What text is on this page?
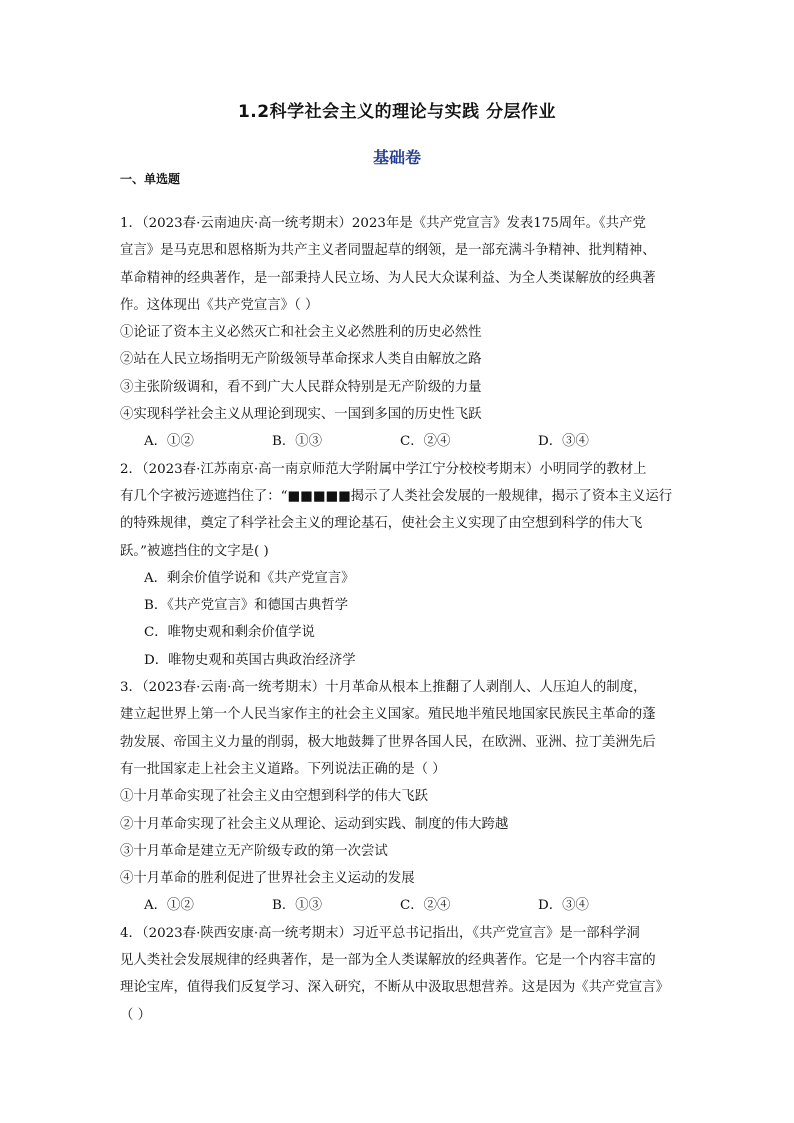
1.2科学社会主义的理论与实践 分层作业
基础卷
一、单选题
1．（2023春·云南迪庆·高一统考期末）2023年是《共产党宣言》发表175周年。《共产党
宣言》是马克思和恩格斯为共产主义者同盟起草的纲领，是一部充满斗争精神、批判精神、
革命精神的经典著作，是一部秉持人民立场、为人民大众谋利益、为全人类谋解放的经典著
作。这体现出《共产党宣言》（ ）
①论证了资本主义必然灭亡和社会主义必然胜利的历史必然性
②站在人民立场指明无产阶级领导革命探求人类自由解放之路
③主张阶级调和，看不到广大人民群众特别是无产阶级的力量
④实现科学社会主义从理论到现实、一国到多国的历史性飞跃
A．①②	B．①③	C．②④	D．③④
2．（2023春·江苏南京·高一南京师范大学附属中学江宁分校校考期末）小明同学的教材上
有几个字被污迹遮挡住了：“■■■■■揭示了人类社会发展的一般规律，揭示了资本主义运行
的特殊规律，奠定了科学社会主义的理论基石，使社会主义实现了由空想到科学的伟大飞
跃。”被遮挡住的文字是( )
A．剩余价值学说和《共产党宣言》
B．《共产党宣言》和德国古典哲学
C．唯物史观和剩余价值学说
D．唯物史观和英国古典政治经济学
3．（2023春·云南·高一统考期末）十月革命从根本上推翻了人剥削人、人压迫人的制度，
建立起世界上第一个人民当家作主的社会主义国家。殖民地半殖民地国家民族民主革命的蓬
勃发展、帝国主义力量的削弱，极大地鼓舞了世界各国人民，在欧洲、亚洲、拉丁美洲先后
有一批国家走上社会主义道路。下列说法正确的是（ ）
①十月革命实现了社会主义由空想到科学的伟大飞跃
②十月革命实现了社会主义从理论、运动到实践、制度的伟大跨越
③十月革命是建立无产阶级专政的第一次尝试
④十月革命的胜利促进了世界社会主义运动的发展
A．①②	B．①③	C．②④	D．③④
4．（2023春·陕西安康·高一统考期末）习近平总书记指出，《共产党宣言》是一部科学洞
见人类社会发展规律的经典著作，是一部为全人类谋解放的经典著作。它是一个内容丰富的
理论宝库，值得我们反复学习、深入研究，不断从中汲取思想营养。这是因为《共产党宣言》
（ ）
